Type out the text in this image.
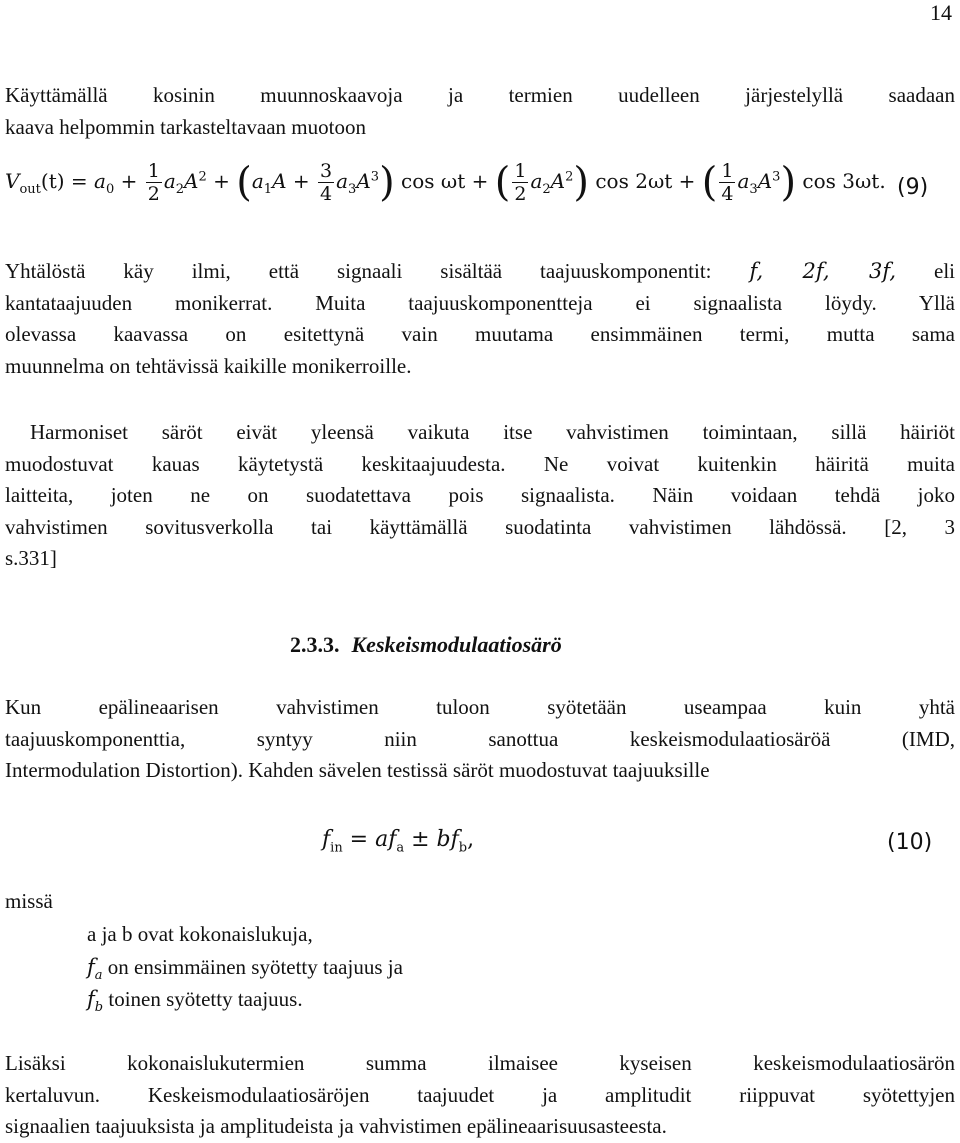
14
Käyttämällä kosinin muunnoskaavoja ja termien uudelleen järjestelyllä saadaan
kaava helpommin tarkasteltavaan muotoon
$V_{out}(t) = a_0 + \frac{1}{2} a_2A^2 + (a_1A + \frac{3}{4} a_3A^3)$ cos ωt + ( $\frac{1}{2} a_2A^2$) cos 2ωt + ( $\frac{1}{4} a_3A^3$) cos 3ωt. (9)
Yhtälöstä käy ilmi, että signaali sisältää taajuuskomponentit: f, 2f, 3f, eli
kantataajuuden monikerrat. Muita taajuuskomponentteja ei signaalista löydy. Yllä
olevassa kaavassa on esitettynä vain muutama ensimmäinen termi, mutta sama
muunnelma on tehtävissä kaikille monikerroille.
Harmoniset säröt eivät yleensä vaikuta itse vahvistimen toimintaan, sillä häiriöt
muodostuvat kauas käytetystä keskitaajuudesta. Ne voivat kuitenkin häiritä muita
laitteita, joten ne on suodatettava pois signaalista. Näin voidaan tehdä joko
vahvistimen sovitusverkolla tai käyttämällä suodatinta vahvistimen lähdössä. [2, 3
s.331]
2.3.3. Keskeismodulaatiosärö
Kun epälineaarisen vahvistimen tuloon syötetään useampaa kuin yhtä
taajuuskomponenttia, syntyy niin sanottua keskeismodulaatiosäröä (IMD,
Intermodulation Distortion). Kahden sävelen testissä säröt muodostuvat taajuuksille
$f_{in} = af_a \pm bf_b$,	(10)
missä
a ja b ovat kokonaislukuja,
$f_a$ on ensimmäinen syötetty taajuus ja
$f_b$ toinen syötetty taajuus.
Lisäksi kokonaislukutermien summa ilmaisee kyseisen keskeismodulaatiosärön
kertaluvun. Keskeismodulaatiosäröjen taajuudet ja amplitudit riippuvat syötettyjen
signaalien taajuuksista ja amplitudeista ja vahvistimen epälineaarisuusasteesta.
